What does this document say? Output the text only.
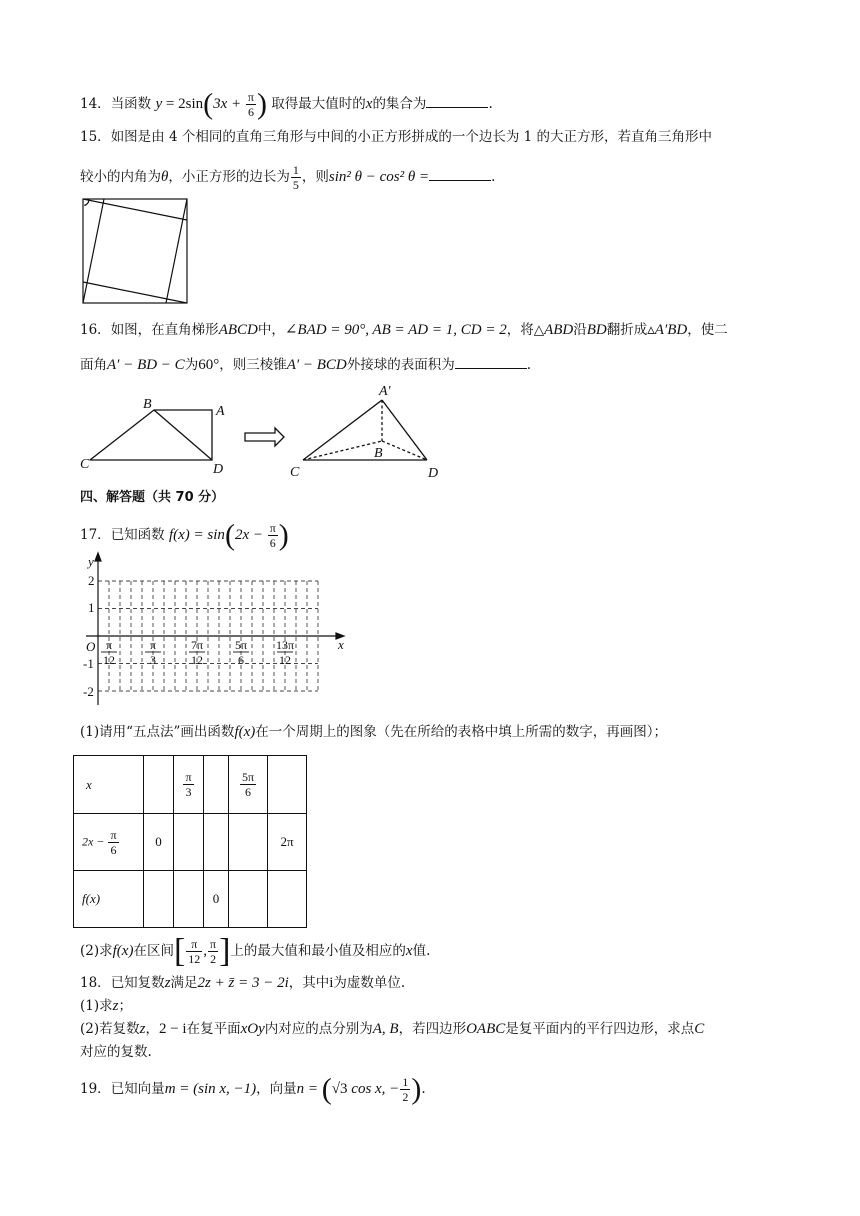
14．当函数 $y = 2\sin(3x + \frac{\pi}{6}$ ) 取得最大值时的x的集合为	.
15．如图是由 4 个相同的直角三角形与中间的小正方形拼成的一个边长为 1 的大正方形，若直角三角形中
较小的内角为θ，小正方形的边长为 $\frac{1}{5}$ ，则sin² θ − cos² θ =	.
16．如图，在直角梯形ABCD中，∠BAD = 90°, AB = AD = 1, CD = 2，将△ABD沿BD翻折成▵A′BD，使二
面角A′ − BD − C为60°，则三棱锥A′ − BCD外接球的表面积为	.
B	A
C	D
A′
B
C	D
四、解答题（共 70 分）
17．已知函数 $f(x) = \sin(2x - \frac{\pi}{6}$ )
y
x
O
2
1
-1
-2
π
12
π
3
7π
12
5π
6
13π
12
(1)请用“五点法”画出函数f(x)在一个周期上的图象（先在所给的表格中填上所需的数字，再画图）；
x		$\frac{\pi}{3}$		$\frac{5\pi}{6}$

$2x - \frac{\pi}{6}$	0				2π
f(x)			0		
(2)求f(x)在区间[ $\frac{\pi}{12}$ , $\frac{\pi}{2}$ ]上的最大值和最小值及相应的x值.
18．已知复数z满足2z + z̄ = 3 − 2i，其中i为虚数单位.
(1)求z；
(2)若复数z，2 − i在复平面xOy内对应的点分别为A, B，若四边形OABC是复平面内的平行四边形，求点C
对应的复数.
19．已知向量m = (sin x, −1)，向量n = (√3 cos x, − $\frac{1}{2}$ ).
